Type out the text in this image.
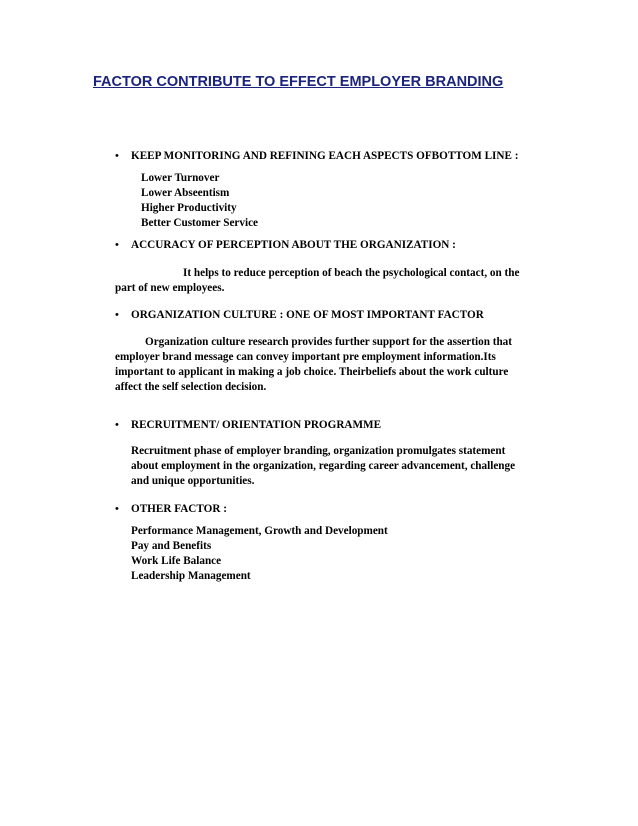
FACTOR CONTRIBUTE TO EFFECT EMPLOYER BRANDING
• KEEP MONITORING AND REFINING EACH ASPECTS OFBOTTOM LINE :
Lower Turnover
Lower Abseentism
Higher Productivity
Better Customer Service
• ACCURACY OF PERCEPTION ABOUT THE ORGANIZATION :
It helps to reduce perception of beach the psychological contact, on the
part of new employees.
• ORGANIZATION CULTURE : ONE OF MOST IMPORTANT FACTOR
Organization culture research provides further support for the assertion that
employer brand message can convey important pre employment information.Its
important to applicant in making a job choice. Theirbeliefs about the work culture
affect the self selection decision.
• RECRUITMENT/ ORIENTATION PROGRAMME
Recruitment phase of employer branding, organization promulgates statement
about employment in the organization, regarding career advancement, challenge
and unique opportunities.
• OTHER FACTOR :
Performance Management, Growth and Development
Pay and Benefits
Work Life Balance
Leadership Management
